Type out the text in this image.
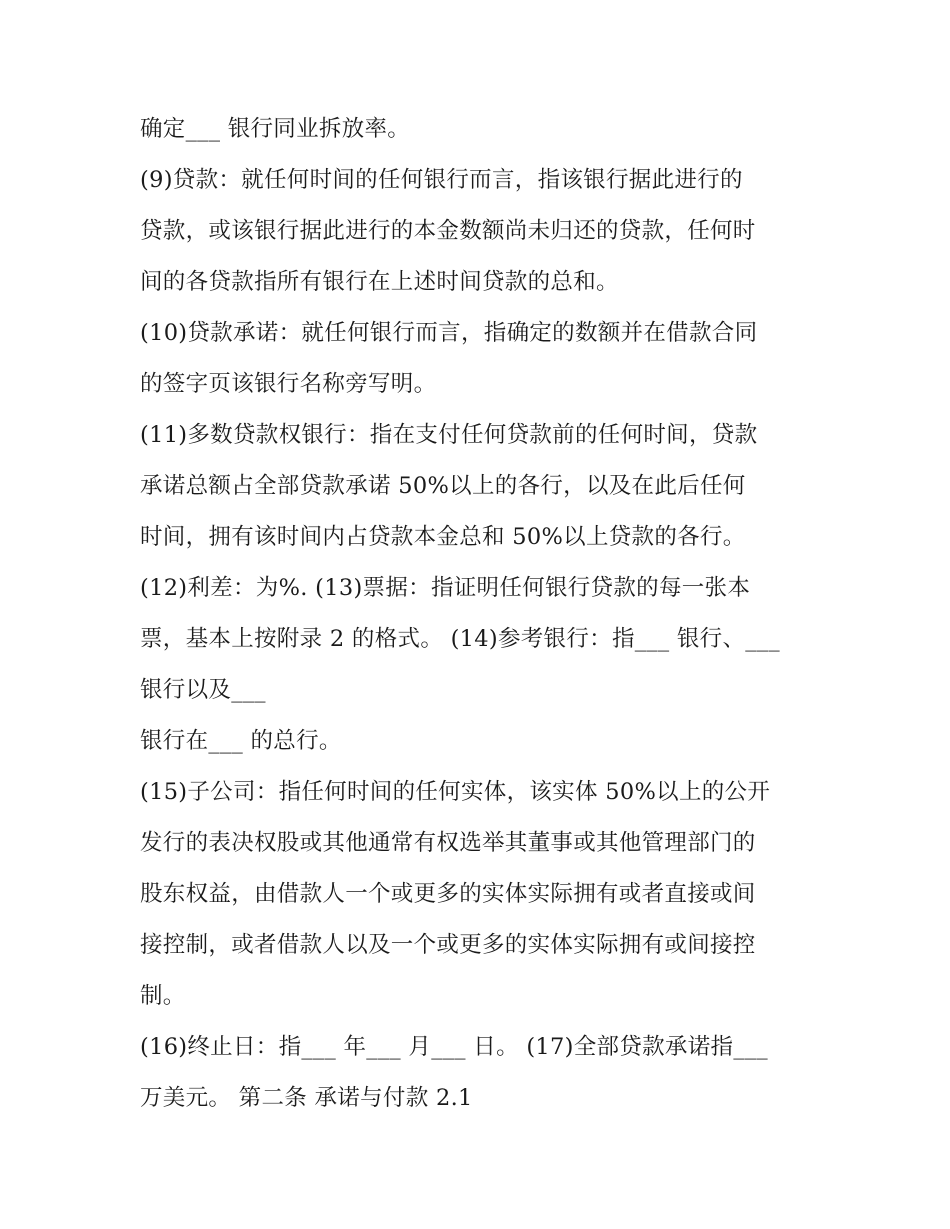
确定___ 银行同业拆放率。
(9)贷款：就任何时间的任何银行而言，指该银行据此进行的
贷款，或该银行据此进行的本金数额尚未归还的贷款，任何时
间的各贷款指所有银行在上述时间贷款的总和。
(10)贷款承诺：就任何银行而言，指确定的数额并在借款合同
的签字页该银行名称旁写明。
(11)多数贷款权银行：指在支付任何贷款前的任何时间，贷款
承诺总额占全部贷款承诺 50%以上的各行，以及在此后任何
时间，拥有该时间内占贷款本金总和 50%以上贷款的各行。
(12)利差：为%. (13)票据：指证明任何银行贷款的每一张本
票，基本上按附录 2 的格式。 (14)参考银行：指___ 银行、___
银行以及___
银行在___ 的总行。
(15)子公司：指任何时间的任何实体，该实体 50%以上的公开
发行的表决权股或其他通常有权选举其董事或其他管理部门的
股东权益，由借款人一个或更多的实体实际拥有或者直接或间
接控制，或者借款人以及一个或更多的实体实际拥有或间接控
制。
(16)终止日：指___ 年___ 月___ 日。 (17)全部贷款承诺指___
万美元。 第二条 承诺与付款 2.1
